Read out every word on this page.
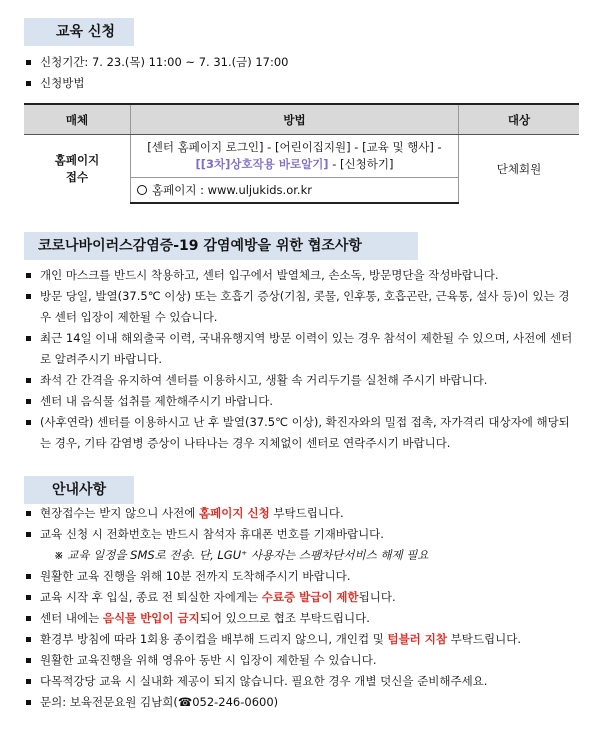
교육 신청
신청기간: 7. 23.(목) 11:00 ~ 7. 31.(금) 17:00
신청방법
매체	방법	대상
홈페이지 접수	[센터 홈페이지 로그인] - [어린이집지원] - [교육 및 행사] - [[3차]상호작용 바로알기] - [신청하기]	단체회원
	홈페이지 : www.uljukids.or.kr	
코로나바이러스감염증-19 감염예방을 위한 협조사항
개인 마스크를 반드시 착용하고, 센터 입구에서 발열체크, 손소독, 방문명단을 작성바랍니다.
방문 당일, 발열(37.5℃ 이상) 또는 호흡기 증상(기침, 콧물, 인후통, 호흡곤란, 근육통, 설사 등)이 있는 경우 센터 입장이 제한될 수 있습니다.
최근 14일 이내 해외출국 이력, 국내유행지역 방문 이력이 있는 경우 참석이 제한될 수 있으며, 사전에 센터로 알려주시기 바랍니다.
좌석 간 간격을 유지하여 센터를 이용하시고, 생활 속 거리두기를 실천해 주시기 바랍니다.
센터 내 음식물 섭취를 제한해주시기 바랍니다.
(사후연락) 센터를 이용하시고 난 후 발열(37.5℃ 이상), 확진자와의 밀접 접촉, 자가격리 대상자에 해당되는 경우, 기타 감염병 증상이 나타나는 경우 지체없이 센터로 연락주시기 바랍니다.
안내사항
현장접수는 받지 않으니 사전에 홈페이지 신청 부탁드립니다.
교육 신청 시 전화번호는 반드시 참석자 휴대폰 번호를 기재바랍니다.
※ 교육 일정을 SMS로 전송. 단, LGU⁺ 사용자는 스팸차단서비스 해제 필요
원활한 교육 진행을 위해 10분 전까지 도착해주시기 바랍니다.
교육 시작 후 입실, 종료 전 퇴실한 자에게는 수료증 발급이 제한됩니다.
센터 내에는 음식물 반입이 금지되어 있으므로 협조 부탁드립니다.
환경부 방침에 따라 1회용 종이컵을 배부해 드리지 않으니, 개인컵 및 텀블러 지참 부탁드립니다.
원활한 교육진행을 위해 영유아 동반 시 입장이 제한될 수 있습니다.
다목적강당 교육 시 실내화 제공이 되지 않습니다. 필요한 경우 개별 덧신을 준비해주세요.
문의: 보육전문요원 김남희(☎052-246-0600)
